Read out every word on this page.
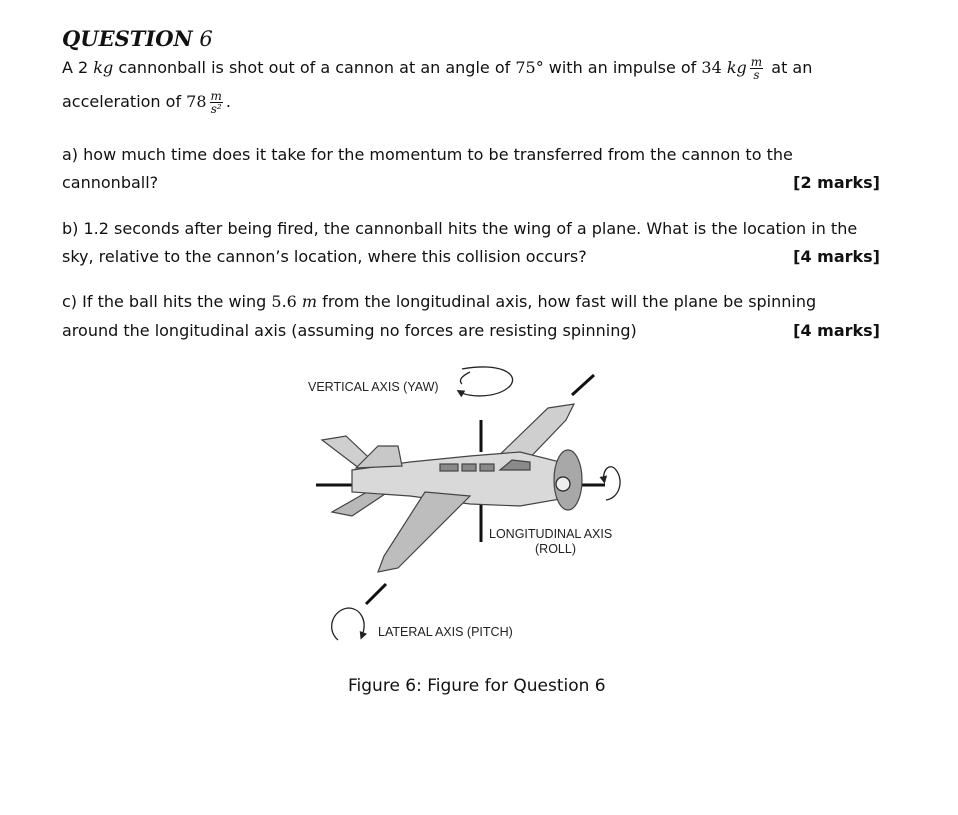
QUESTION 6
A 2 kg cannonball is shot out of a cannon at an angle of 75° with an impulse of 34 kg $\frac{m}{s}$ at an
acceleration of $78 \frac{m}{\text{s²}}$ .
a) how much time does it take for the momentum to be transferred from the cannon to the
cannonball?	[2 marks]
b) 1.2 seconds after being fired, the cannonball hits the wing of a plane. What is the location in the
sky, relative to the cannon’s location, where this collision occurs?	[4 marks]
c) If the ball hits the wing 5.6 m from the longitudinal axis, how fast will the plane be spinning
around the longitudinal axis (assuming no forces are resisting spinning)	[4 marks]
VERTICAL AXIS (YAW)
LONGITUDINAL AXIS
(ROLL)
LATERAL AXIS (PITCH)
Figure 6: Figure for Question 6
